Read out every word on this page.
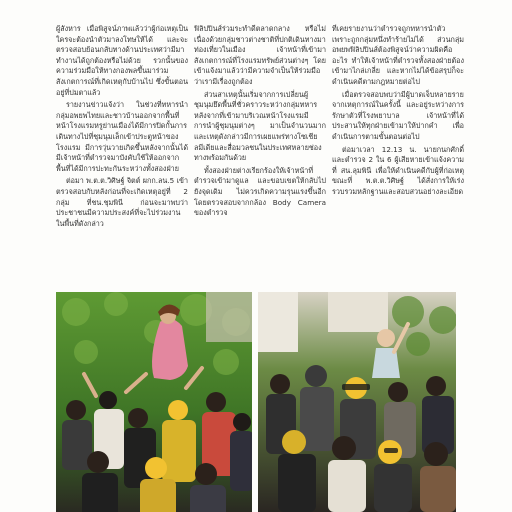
ผู้สังหาร เมื่อพิสูจน์ภาพแล้วว่าผู้ก่อเหตุเป็นใครจะต้องนำตัวมาลงโทษให้ได้ และจะตรวจสอบย้อนกลับทางด้านประเทศว่ามีมาทำงานได้ถูกต้องหรือไม่ด้วย รวกนั้นของความร่วมมือให้ทางกองพลขึ้นมาร่วมสังเกตการณ์ที่เกิดเหตุกับบ้านไป ซึ่งขั้นตอนอยู่ที่ปมตาแล้ว

รายงานข่าวแจ้งว่า ในช่วงที่ทหารนำกลุ่มอพยพไทยและชาวบ้านออกจากพื้นที่ หน้าโรงแรมหรูย่านเมืองได้มีการปิดกั้นการเดินทางไปที่ชุมนุมเล็กเข้าประตูหน้าของโรงแรม มีการวุ่นวายเกิดขึ้นหลังจากนั้นได้มีเจ้าหน้าที่ตำรวจมาบังคับใช้ให้ออกจากพื้นที่ได้มีการปะทะกันระหว่างทั้งสองฝ่าย

ต่อมา พ.ต.ต.วิศิษฐ์ จิตต์ ผกก.ลน.5 เข้าตรวจสอบกับหลังก่อนที่จะเกิดเหตุอยู่ที่ 2 กลุ่ม ที่ชน.ชุมพินี ก่อนจะมาพบว่าประชาชนมีความประสงค์ที่จะไปร่วมงานในพื้นที่ดังกล่าว

ฟิลิปปินส์ร่วมระทำดีตลาดกลาง หรือไม่เนื่องด้วยกลุ่มชาวต่างชาติที่ปกติเดินทางมาท่องเที่ยวในเมือง เจ้าหน้าที่เข้ามาสังเกตการณ์ที่โรงแรมทรัพย์ส่วนต่างๆ โดยเข้าแจ้งมาแล้วว่ามีความจำเป็นให้ร่วมมือ ว่าเรามีเรื่องถูกต้อง

ส่วนสาเหตุนั้นเริ่มจากการเปลี่ยนผู้ชุมนุมยึดพื้นที่ชั่วคราวระหว่างกลุ่มทหารหลังจากที่เข้ามาบริเวณหน้าโรงแรมมีการนำผู้ชุมนุมต่างๆ มาเป็นจำนวนมาก และเหตุดังกล่าวมีการเผยแพร่ทางโซเชียลมีเดียและสื่อมวลชนในประเทศหลายช่องทางพร้อมกันด้วย

ทั้งสองฝ่ายต่างเรียกร้องให้เจ้าหน้าที่ตำรวจเข้ามาดูแล และขอบเขตให้กลับไปยังจุดเดิม ไม่ควรเกิดความรุนแรงขึ้นอีก โดยตรวจสอบจากกล้อง Body Camera ของตำรวจ

ที่เคยรายงานว่าตำรวจถูกทหารนำตัวเพราะถูกกลุ่มหนึ่งทำร้ายไม่ได้ ส่วนกลุ่มอพยพฟิลิปปินส์ต้องพิสูจน์ว่าความผิดคืออะไร ทำให้เจ้าหน้าที่ตำรวจทั้งสองฝ่ายต้องเข้ามาไกล่เกลี่ย และหากไม่ได้ข้อสรุปก็จะดำเนินคดีตามกฎหมายต่อไป

เมื่อตรวจสอบพบว่ามีผู้บาดเจ็บหลายรายจากเหตุการณ์ในครั้งนี้ และอยู่ระหว่างการรักษาตัวที่โรงพยาบาล เจ้าหน้าที่ได้ประสานให้ทุกฝ่ายเข้ามาให้ปากคำ เพื่อดำเนินการตามขั้นตอนต่อไป

ต่อมาเวลา 12.13 น. นายกนกศักดิ์ และตำรวจ 2 ใน 6 ผู้เสียหายเข้าแจ้งความที่ สน.ลุมพินี เพื่อให้ดำเนินคดีกับผู้ที่ก่อเหตุ ขณะที่ พ.ต.ต.วิศิษฐ์ ได้สั่งการให้เร่งรวบรวมหลักฐานและสอบสวนอย่างละเอียด
